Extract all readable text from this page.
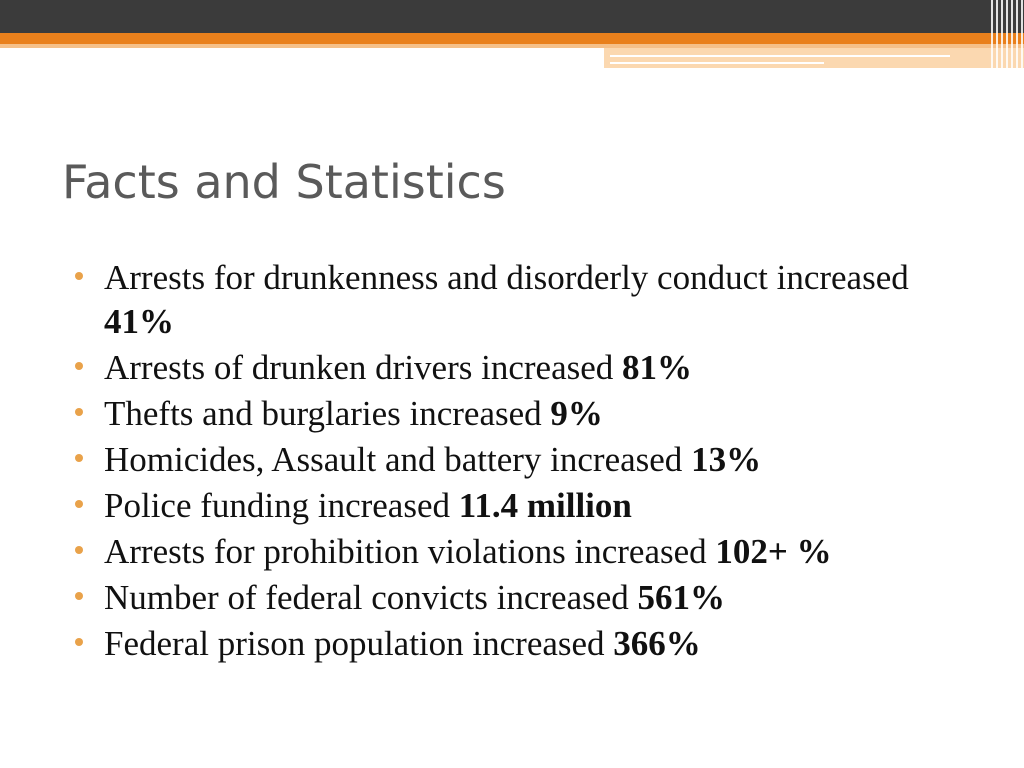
Facts and Statistics
Arrests for drunkenness and disorderly conduct increased 41%
Arrests of drunken drivers increased 81%
Thefts and burglaries increased 9%
Homicides, Assault and battery increased 13%
Police funding increased 11.4 million
Arrests for prohibition violations increased 102+ %
Number of federal convicts increased 561%
Federal prison population increased 366%
